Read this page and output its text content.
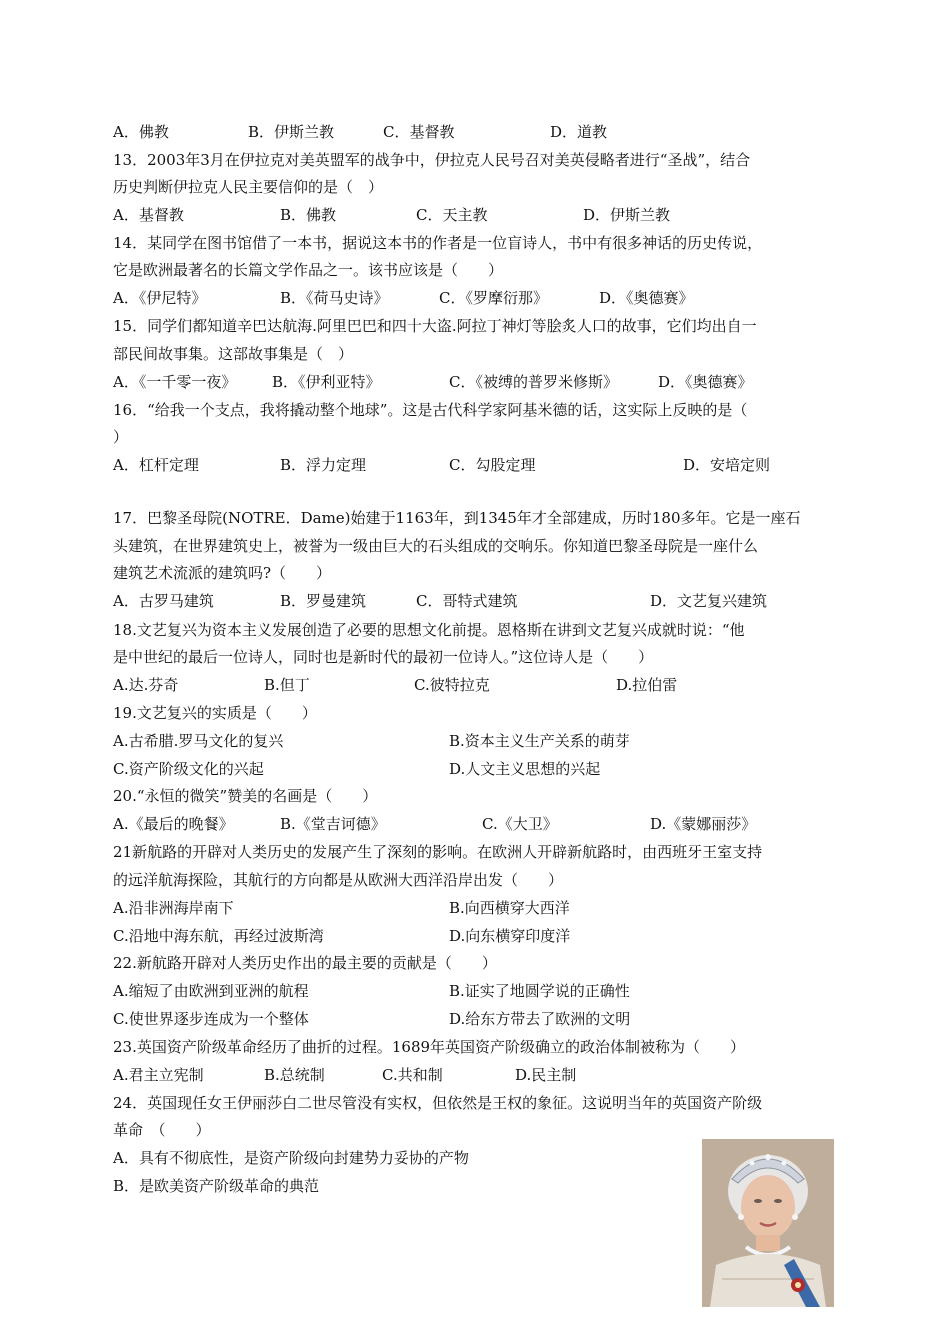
A．佛教	B．伊斯兰教	C．基督教	D．道教
13．2003年3月在伊拉克对美英盟军的战争中，伊拉克人民号召对美英侵略者进行“圣战”，结合
历史判断伊拉克人民主要信仰的是（　）
A．基督教	B．佛教	C．天主教	D．伊斯兰教
14．某同学在图书馆借了一本书，据说这本书的作者是一位盲诗人，书中有很多神话的历史传说，
它是欧洲最著名的长篇文学作品之一。该书应该是（　　）
A．《伊尼特》	B．《荷马史诗》	C．《罗摩衍那》	D．《奥德赛》
15．同学们都知道辛巴达航海.阿里巴巴和四十大盗.阿拉丁神灯等脍炙人口的故事，它们均出自一
部民间故事集。这部故事集是（　）
A．《一千零一夜》 B．《伊利亚特》	C．《被缚的普罗米修斯》	D．《奥德赛》
16．“给我一个支点，我将撬动整个地球”。这是古代科学家阿基米德的话，这实际上反映的是（
）
A．杠杆定理	B．浮力定理	C．勾股定理	D．安培定则
17．巴黎圣母院(NOTRE．Dame)始建于1163年，到1345年才全部建成，历时180多年。它是一座石
头建筑，在世界建筑史上，被誉为一级由巨大的石头组成的交响乐。你知道巴黎圣母院是一座什么
建筑艺术流派的建筑吗?（　　）
A．古罗马建筑	B．罗曼建筑	C．哥特式建筑	D．文艺复兴建筑
18.文艺复兴为资本主义发展创造了必要的思想文化前提。恩格斯在讲到文艺复兴成就时说：“他
是中世纪的最后一位诗人，同时也是新时代的最初一位诗人。”这位诗人是（　　）
A.达.芬奇	B.但丁	C.彼特拉克	D.拉伯雷
19.文艺复兴的实质是（　　）
A.古希腊.罗马文化的复兴	B.资本主义生产关系的萌芽
C.资产阶级文化的兴起	D.人文主义思想的兴起
20.“永恒的微笑”赞美的名画是（　　）
A.《最后的晚餐》	B.《堂吉诃德》	C.《大卫》	D.《蒙娜丽莎》
21新航路的开辟对人类历史的发展产生了深刻的影响。在欧洲人开辟新航路时，由西班牙王室支持
的远洋航海探险，其航行的方向都是从欧洲大西洋沿岸出发（　　）
A.沿非洲海岸南下	B.向西横穿大西洋
C.沿地中海东航，再经过波斯湾	D.向东横穿印度洋
22.新航路开辟对人类历史作出的最主要的贡献是（　　）
A.缩短了由欧洲到亚洲的航程	B.证实了地圆学说的正确性
C.使世界逐步连成为一个整体	D.给东方带去了欧洲的文明
23.英国资产阶级革命经历了曲折的过程。1689年英国资产阶级确立的政治体制被称为（　　）
A.君主立宪制	B.总统制	C.共和制	D.民主制
24．英国现任女王伊丽莎白二世尽管没有实权，但依然是王权的象征。这说明当年的英国资产阶级
革命　（　　）
A．具有不彻底性，是资产阶级向封建势力妥协的产物
B．是欧美资产阶级革命的典范
